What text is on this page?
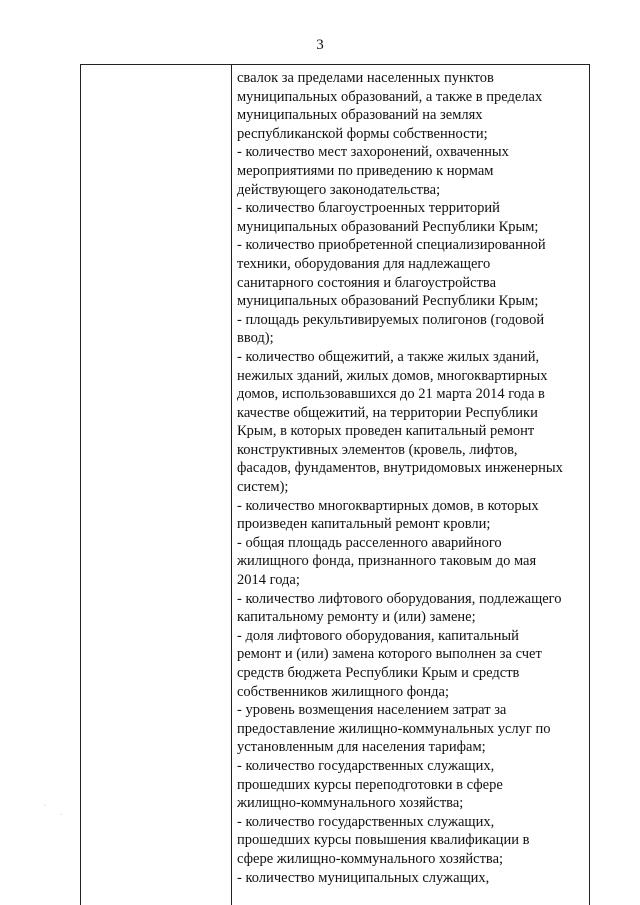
3

свалок за пределами населенных пунктов
муниципальных образований, а также в пределах
муниципальных образований на землях
республиканской формы собственности;

- количество мест захоронений, охваченных
мероприятиями по приведению к нормам
действующего законодательства;

- количество благоустроенных территорий
муниципальных образований Республики Крым;

- количество приобретенной специализированной
техники, оборудования для надлежащего
санитарного состояния и благоустройства
муниципальных образований Республики Крым;

- площадь рекультивируемых полигонов (годовой
ввод);

- количество общежитий, а также жилых зданий,
нежилых зданий, жилых домов, многоквартирных
домов, использовавшихся до 21 марта 2014 года в
качестве общежитий, на территории Республики
Крым, в которых проведен капитальный ремонт
конструктивных элементов (кровель, лифтов,
фасадов, фундаментов, внутридомовых инженерных
систем);

- количество многоквартирных домов, в которых
произведен капитальный ремонт кровли;

- общая площадь расселенного аварийного
жилищного фонда, признанного таковым до мая
2014 года;

- количество лифтового оборудования, подлежащего
капитальному ремонту и (или) замене;

- доля лифтового оборудования, капитальный
ремонт и (или) замена которого выполнен за счет
средств бюджета Республики Крым и средств
собственников жилищного фонда;

- уровень возмещения населением затрат за
предоставление жилищно-коммунальных услуг по
установленным для населения тарифам;

- количество государственных служащих,
прошедших курсы переподготовки в сфере
жилищно-коммунального хозяйства;

- количество государственных служащих,
прошедших курсы повышения квалификации в
сфере жилищно-коммунального хозяйства;

- количество муниципальных служащих,

·
·
